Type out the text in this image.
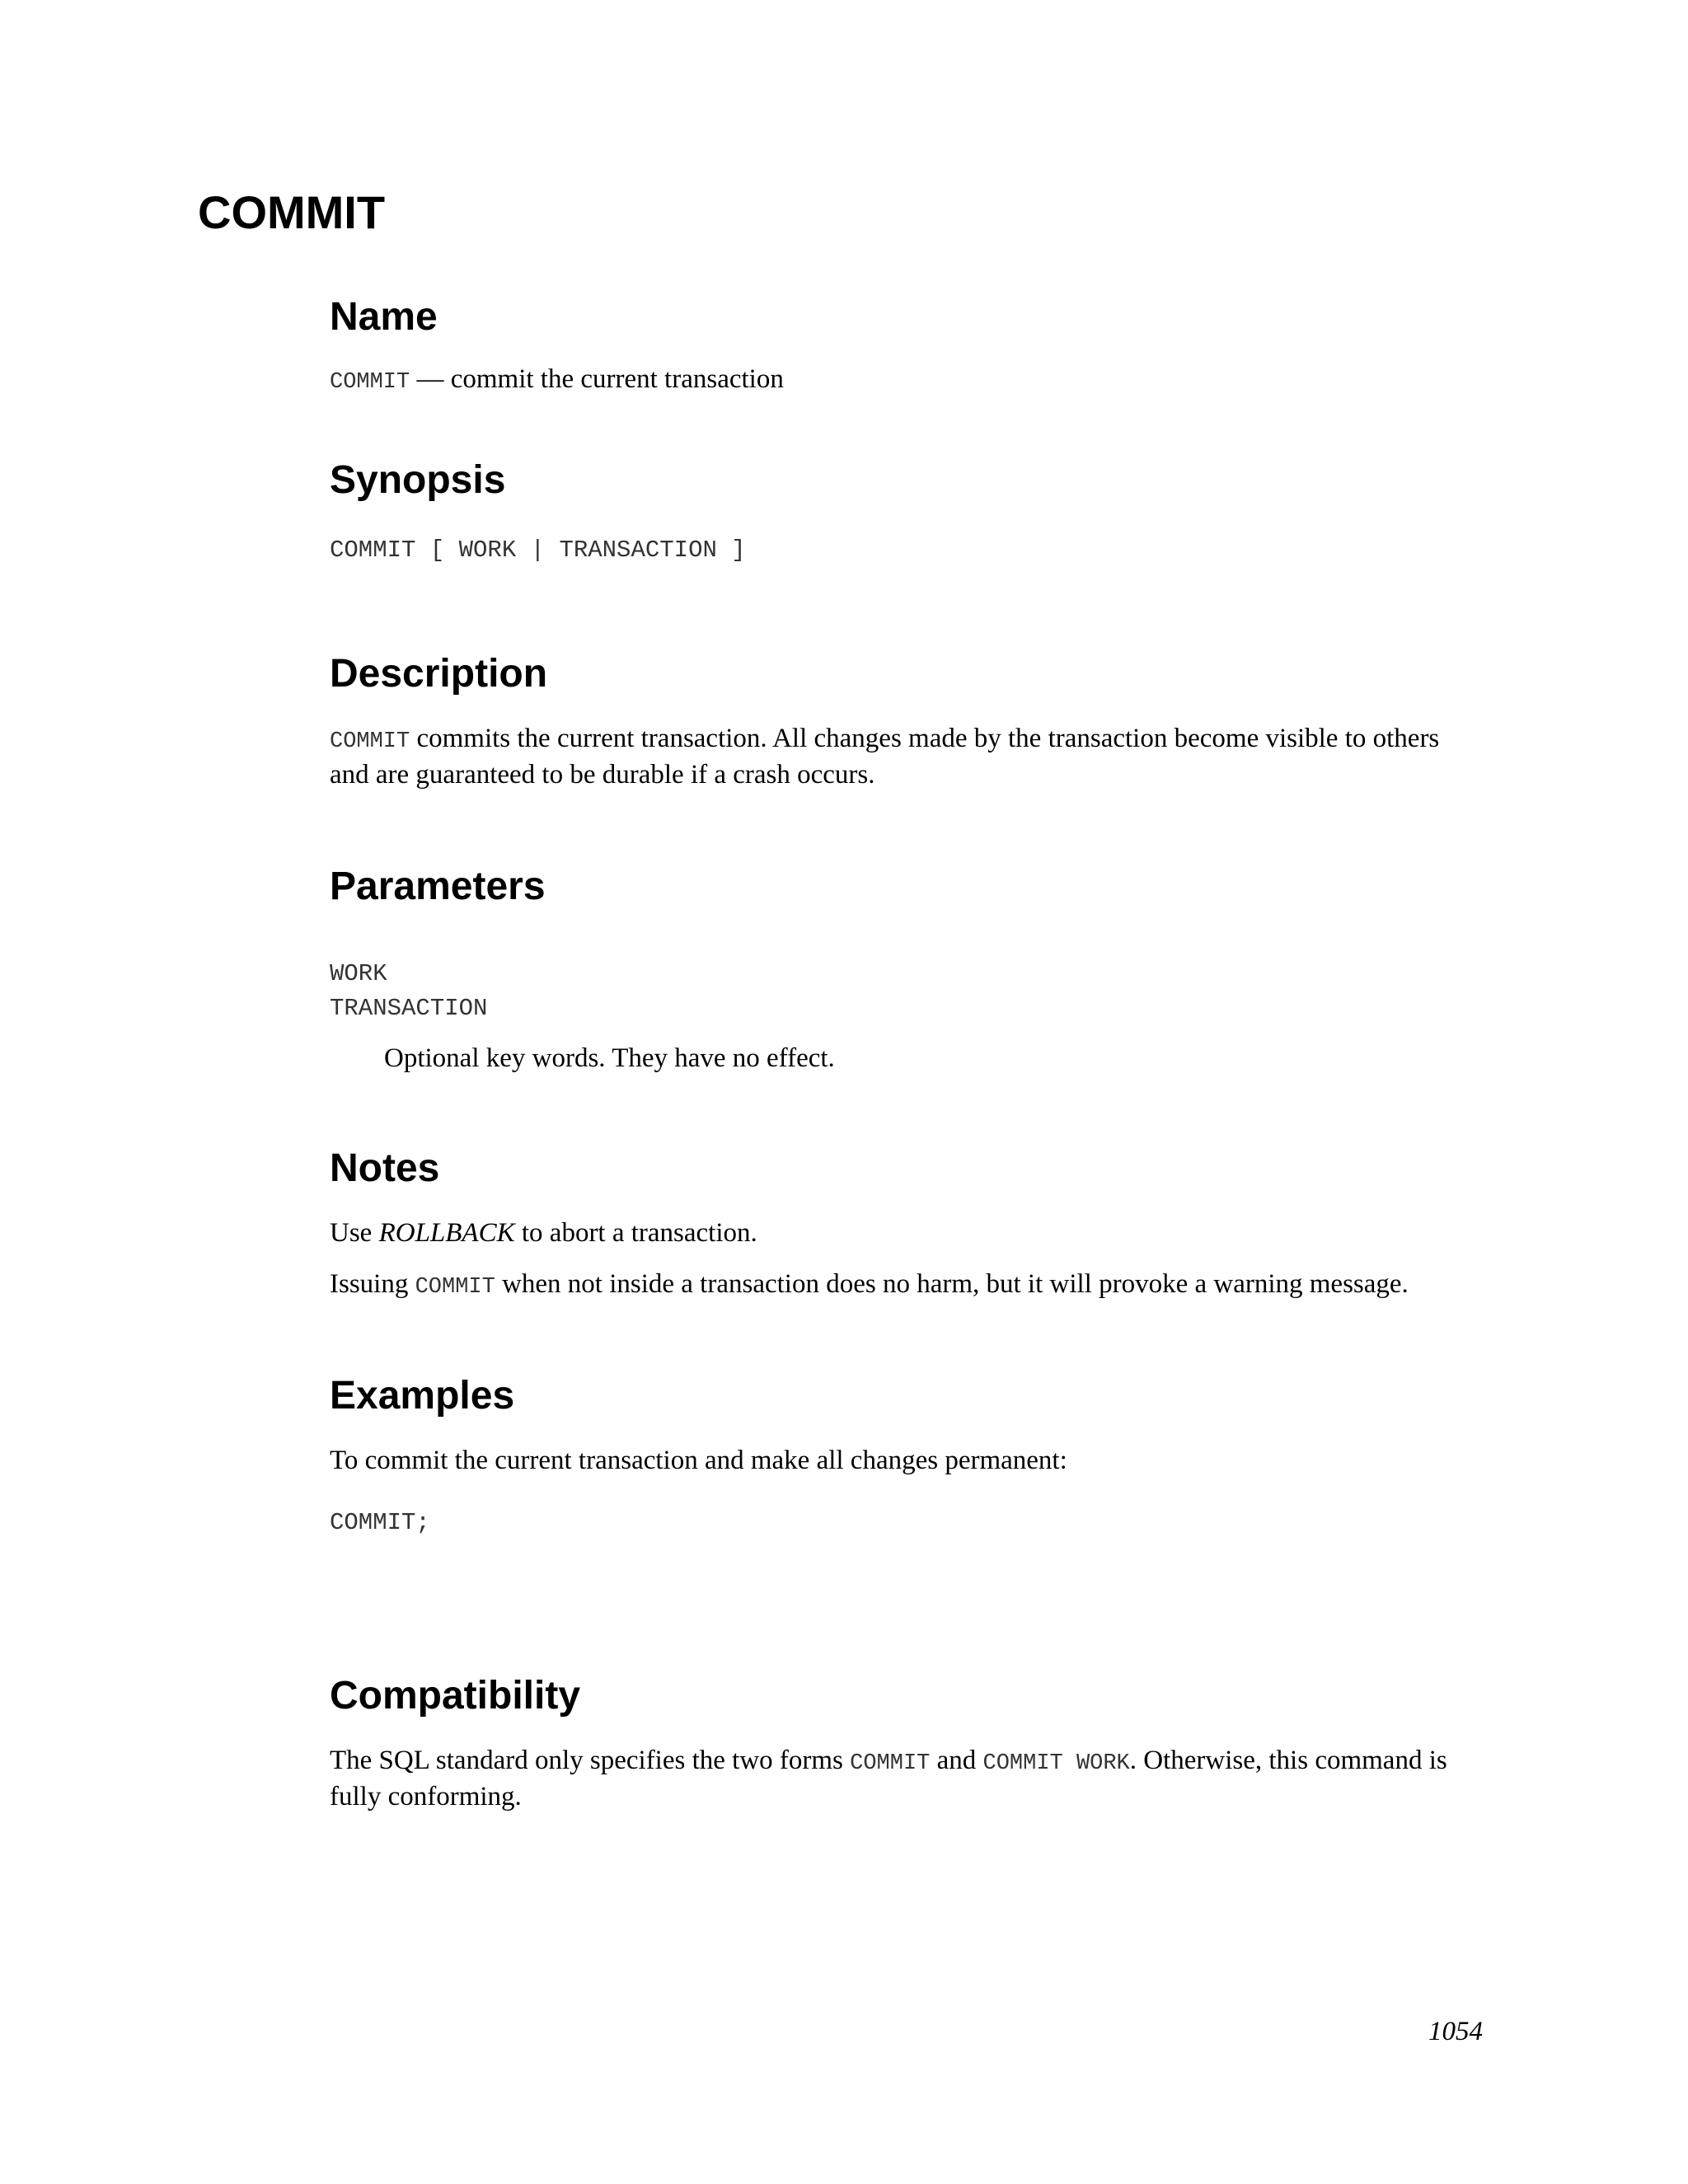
COMMIT
Name
COMMIT — commit the current transaction
Synopsis
COMMIT [ WORK | TRANSACTION ]
Description
COMMIT commits the current transaction. All changes made by the transaction become visible to others
and are guaranteed to be durable if a crash occurs.
Parameters
WORK
TRANSACTION
Optional key words. They have no effect.
Notes
Use ROLLBACK to abort a transaction.
Issuing COMMIT when not inside a transaction does no harm, but it will provoke a warning message.
Examples
To commit the current transaction and make all changes permanent:
COMMIT;
Compatibility
The SQL standard only specifies the two forms COMMIT and COMMIT WORK. Otherwise, this command is
fully conforming.
1054
